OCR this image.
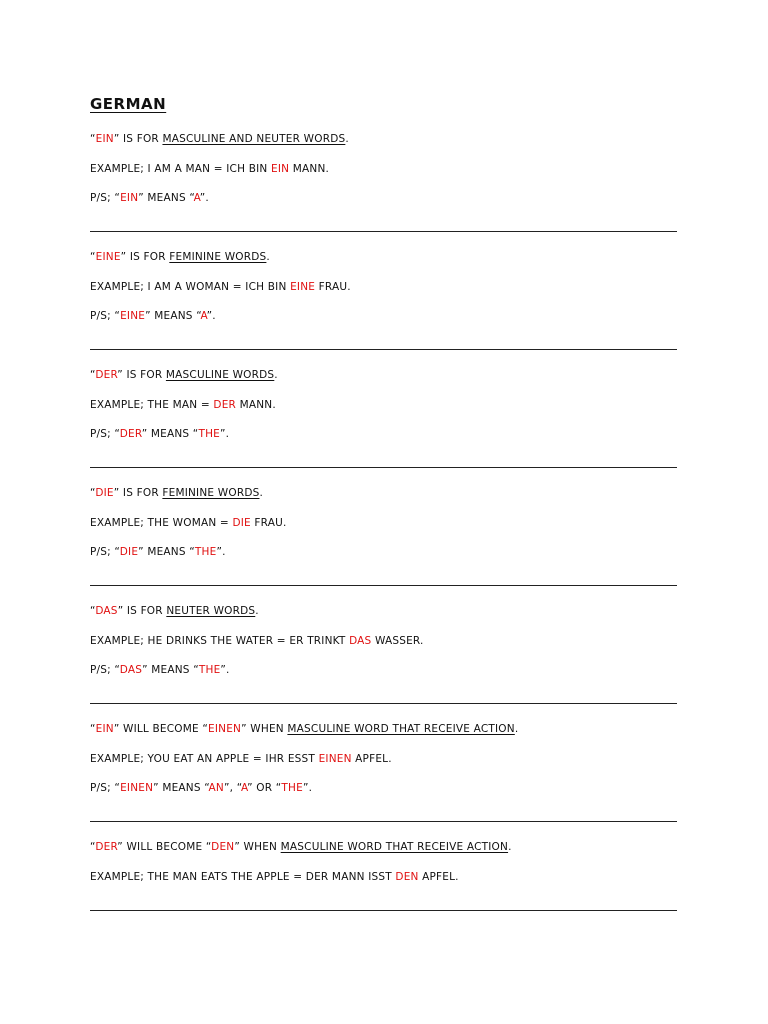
GERMAN
“EIN” IS FOR MASCULINE AND NEUTER WORDS.
EXAMPLE; I AM A MAN = ICH BIN EIN MANN.
P/S; “EIN” MEANS “A”.
“EINE” IS FOR FEMININE WORDS.
EXAMPLE; I AM A WOMAN = ICH BIN EINE FRAU.
P/S; “EINE” MEANS “A”.
“DER” IS FOR MASCULINE WORDS.
EXAMPLE; THE MAN = DER MANN.
P/S; “DER” MEANS “THE”.
“DIE” IS FOR FEMININE WORDS.
EXAMPLE; THE WOMAN = DIE FRAU.
P/S; “DIE” MEANS “THE”.
“DAS” IS FOR NEUTER WORDS.
EXAMPLE; HE DRINKS THE WATER = ER TRINKT DAS WASSER.
P/S; “DAS” MEANS “THE”.
“EIN” WILL BECOME “EINEN” WHEN MASCULINE WORD THAT RECEIVE ACTION.
EXAMPLE; YOU EAT AN APPLE = IHR ESST EINEN APFEL.
P/S; “EINEN” MEANS “AN”, “A” OR “THE”.
“DER” WILL BECOME “DEN” WHEN MASCULINE WORD THAT RECEIVE ACTION.
EXAMPLE; THE MAN EATS THE APPLE = DER MANN ISST DEN APFEL.
